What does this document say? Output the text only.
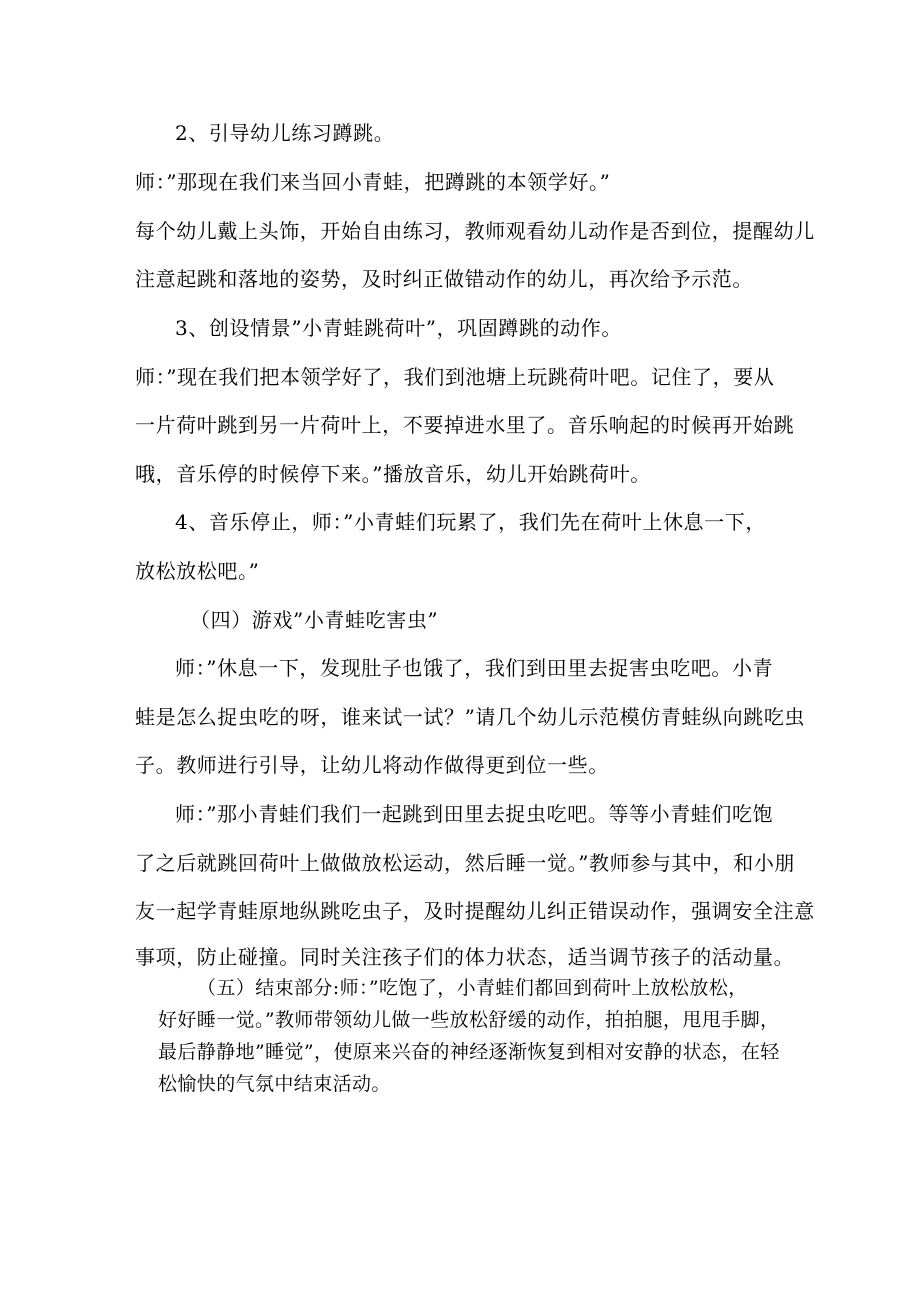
2、引导幼儿练习蹲跳。
师：”那现在我们来当回小青蛙，把蹲跳的本领学好。”
每个幼儿戴上头饰，开始自由练习，教师观看幼儿动作是否到位，提醒幼儿
注意起跳和落地的姿势，及时纠正做错动作的幼儿，再次给予示范。
3、创设情景”小青蛙跳荷叶”，巩固蹲跳的动作。
师：”现在我们把本领学好了，我们到池塘上玩跳荷叶吧。记住了，要从
一片荷叶跳到另一片荷叶上，不要掉进水里了。音乐响起的时候再开始跳
哦，音乐停的时候停下来。”播放音乐，幼儿开始跳荷叶。
4、音乐停止，师：”小青蛙们玩累了，我们先在荷叶上休息一下，
放松放松吧。”
（四）游戏”小青蛙吃害虫”
师：”休息一下，发现肚子也饿了，我们到田里去捉害虫吃吧。小青
蛙是怎么捉虫吃的呀，谁来试一试？”请几个幼儿示范模仿青蛙纵向跳吃虫
子。教师进行引导，让幼儿将动作做得更到位一些。
师：”那小青蛙们我们一起跳到田里去捉虫吃吧。等等小青蛙们吃饱
了之后就跳回荷叶上做做放松运动，然后睡一觉。”教师参与其中，和小朋
友一起学青蛙原地纵跳吃虫子，及时提醒幼儿纠正错误动作，强调安全注意
事项，防止碰撞。同时关注孩子们的体力状态，适当调节孩子的活动量。
（五）结束部分:师：”吃饱了，小青蛙们都回到荷叶上放松放松，
好好睡一觉。”教师带领幼儿做一些放松舒缓的动作，拍拍腿，甩甩手脚，
最后静静地”睡觉”，使原来兴奋的神经逐渐恢复到相对安静的状态，在轻
松愉快的气氛中结束活动。
